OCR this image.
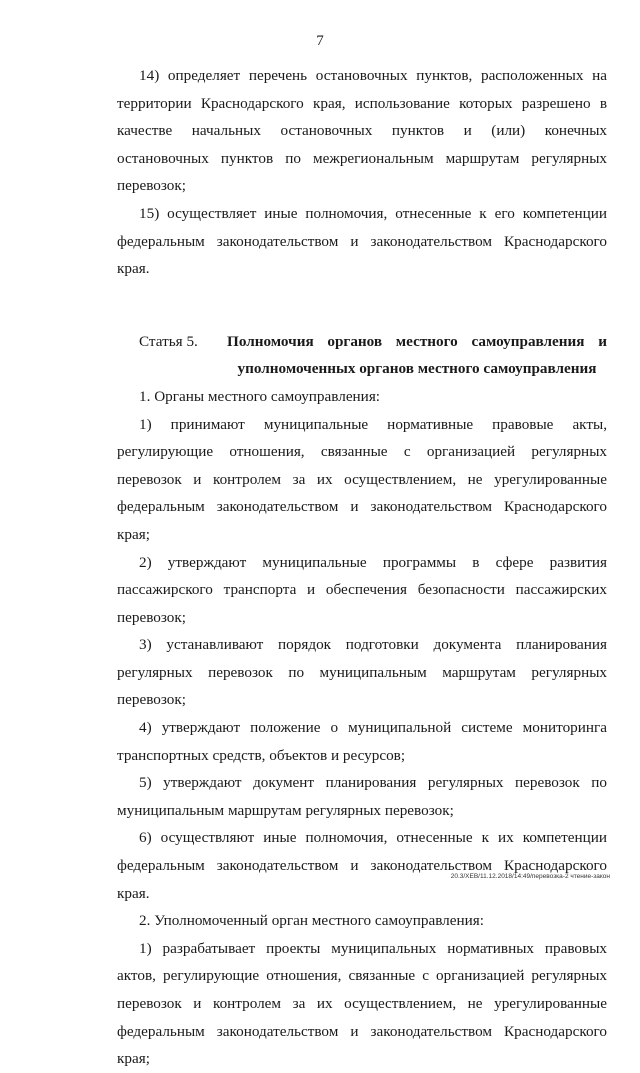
7

14) определяет перечень остановочных пунктов, расположенных на территории Краснодарского края, использование которых разрешено в качестве начальных остановочных пунктов и (или) конечных остановочных пунктов по межрегиональным маршрутам регулярных перевозок;

15) осуществляет иные полномочия, отнесенные к его компетенции федеральным законодательством и законодательством Краснодарского края.

Статья 5.	Полномочия органов местного самоуправления и уполномоченных органов местного самоуправления

1. Органы местного самоуправления:

1) принимают муниципальные нормативные правовые акты, регулирующие отношения, связанные с организацией регулярных перевозок и контролем за их осуществлением, не урегулированные федеральным законодательством и законодательством Краснодарского края;

2) утверждают муниципальные программы в сфере развития пассажирского транспорта и обеспечения безопасности пассажирских перевозок;

3) устанавливают порядок подготовки документа планирования регулярных перевозок по муниципальным маршрутам регулярных перевозок;

4) утверждают положение о муниципальной системе мониторинга транспортных средств, объектов и ресурсов;

5) утверждают документ планирования регулярных перевозок по муниципальным маршрутам регулярных перевозок;

6) осуществляют иные полномочия, отнесенные к их компетенции федеральным законодательством и законодательством Краснодарского края.

2. Уполномоченный орган местного самоуправления:

1) разрабатывает проекты муниципальных нормативных правовых актов, регулирующие отношения, связанные с организацией регулярных перевозок и контролем за их осуществлением, не урегулированные федеральным законодательством и законодательством Краснодарского края;

20.3/ХЕВ/11.12.2018/14:49/перевозка-2 чтение-закон
